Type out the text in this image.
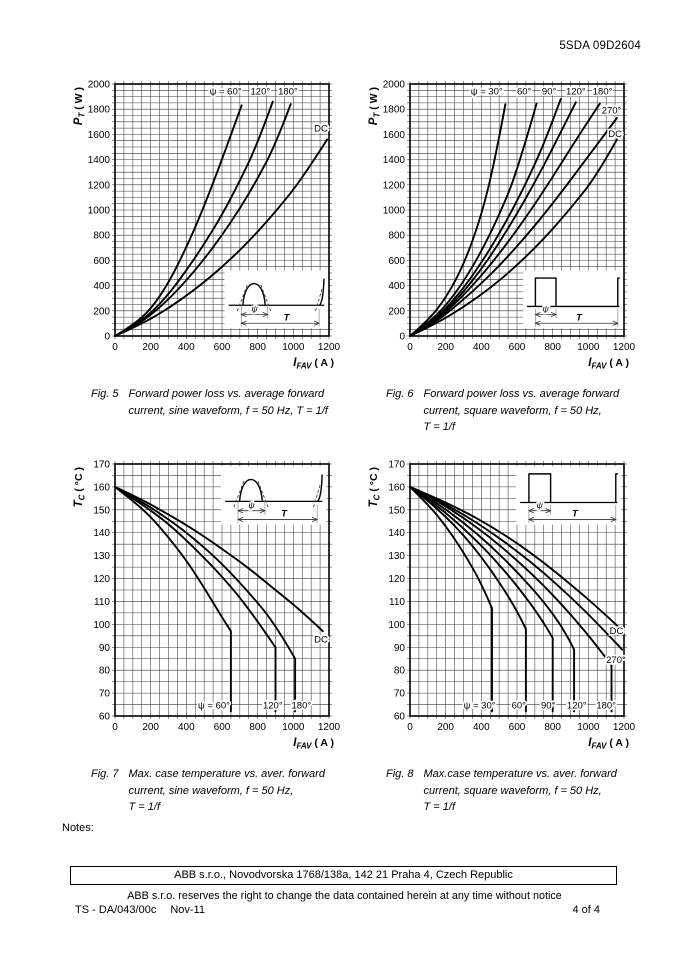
5SDA 09D2604
ψ
T
ψ = 60° 120° 180°
DC
0 200 400 600 800 1000 1200
0
200
400
600
800
1000
1200
1400
1600
1800
2000
PT ( W )
IFAV ( A )
Fig. 5 Forward power loss vs. average forward
current, sine waveform, f = 50 Hz, T = 1/f
ψ
T
ψ = 30° 60° 90° 120° 180°
270°
DC
0 200 400 600 800 1000 1200
0
200
400
600
800
1000
1200
1400
1600
1800
2000
PT ( W )
IFAV ( A )
Fig. 6 Forward power loss vs. average forward
current, square waveform, f = 50 Hz,
T = 1/f
ψ
T
ψ = 60°	120° 180°
DC
0 200 400 600 800 1000 1200
60
70
80
90
100
110
120
130
140
150
160
170
TC ( °C )
IFAV ( A )
Fig. 7 Max. case temperature vs. aver. forward
current, sine waveform, f = 50 Hz,
T = 1/f
ψ
T
ψ = 30° 60° 90° 120° 180°
DC
270°
0 200 400 600 800 1000 1200
60
70
80
90
100
110
120
130
140
150
160
170
TC ( °C )
IFAV ( A )
Fig. 8 Max.case temperature vs. aver. forward
current, square waveform, f = 50 Hz,
T = 1/f
Notes:
ABB s.r.o., Novodvorska 1768/138a, 142 21 Praha 4, Czech Republic
ABB s.r.o. reserves the right to change the data contained herein at any time without notice
TS - DA/043/00c Nov-11	4 of 4
